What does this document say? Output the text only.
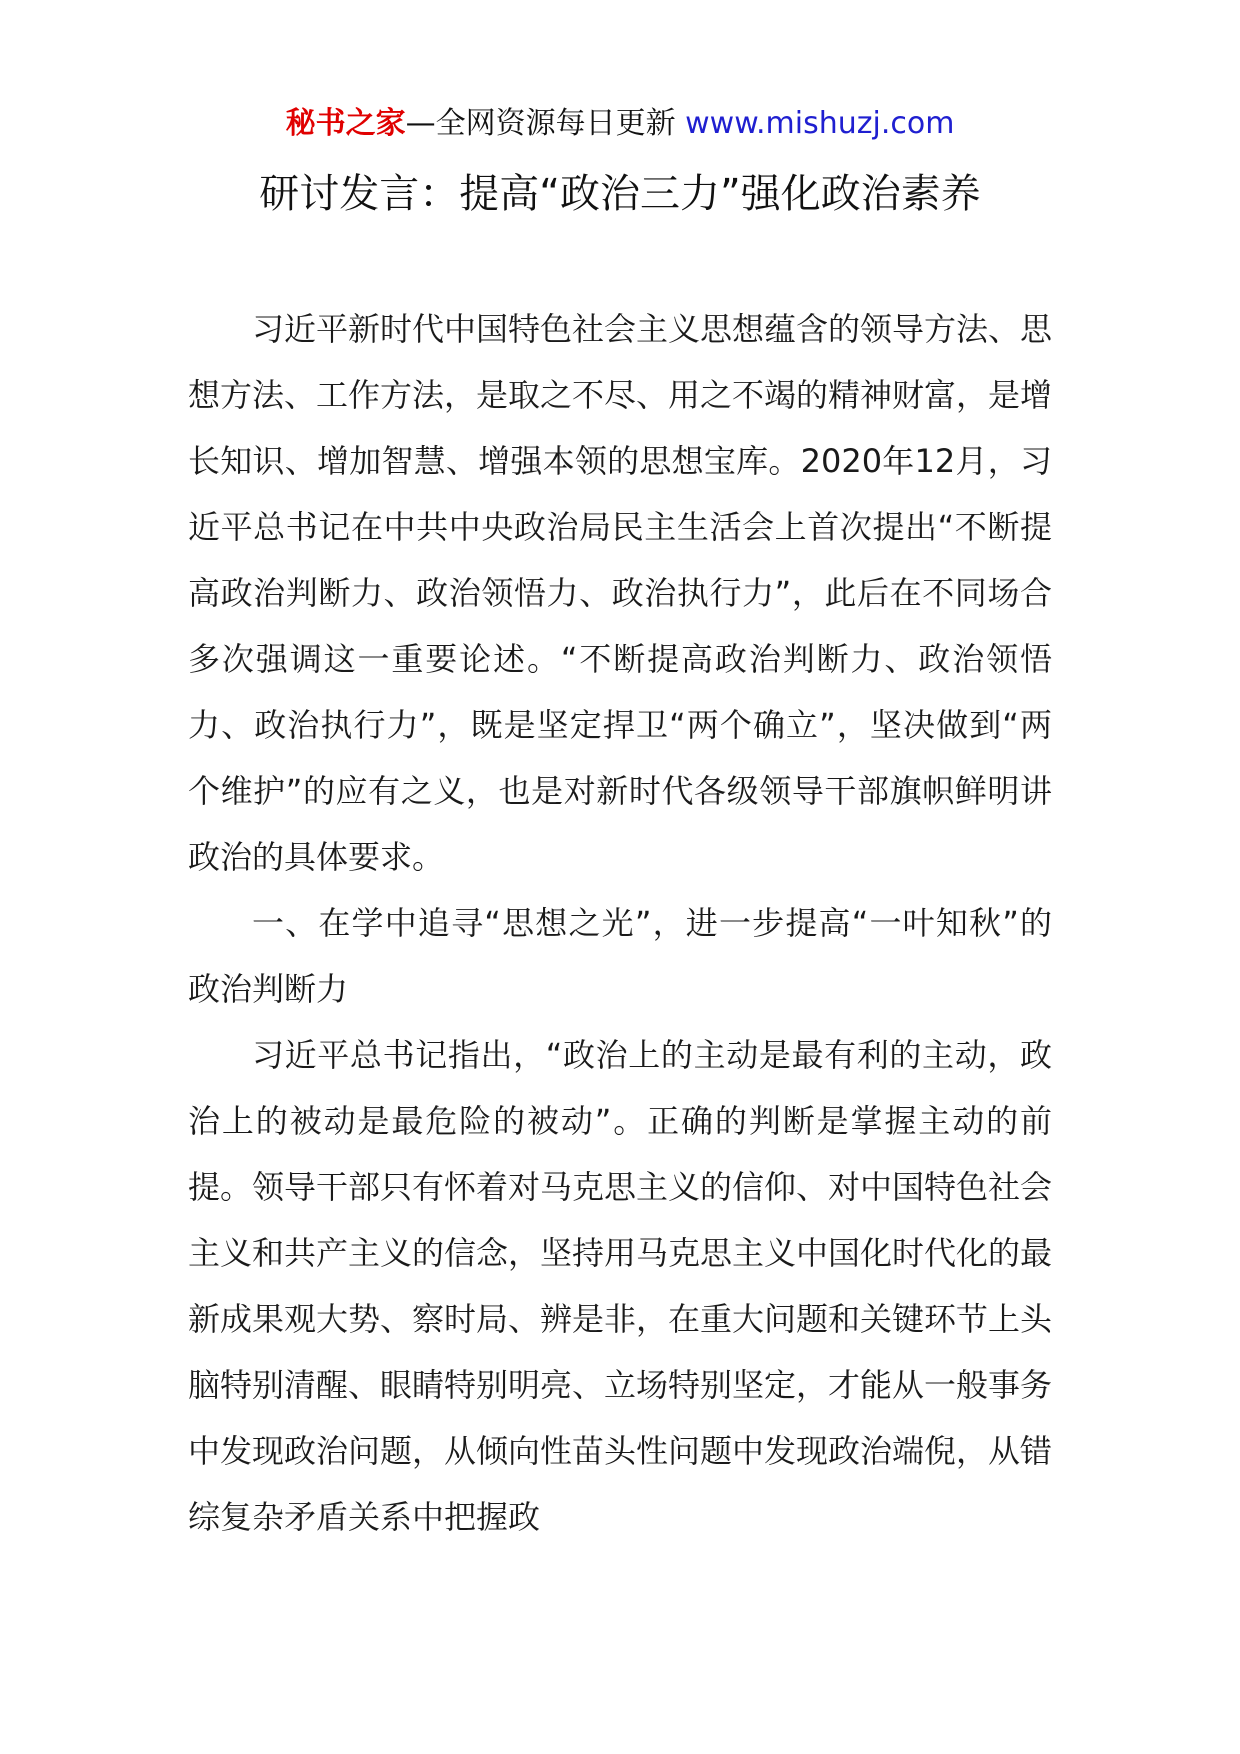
秘书之家—全网资源每日更新 www.mishuzj.com
研讨发言：提高“政治三力”强化政治素养

习近平新时代中国特色社会主义思想蕴含的领导方法、思想方法、工作方法，是取之不尽、用之不竭的精神财富，是增长知识、增加智慧、增强本领的思想宝库。2020年12月，习近平总书记在中共中央政治局民主生活会上首次提出“不断提高政治判断力、政治领悟力、政治执行力”，此后在不同场合多次强调这一重要论述。“不断提高政治判断力、政治领悟力、政治执行力”，既是坚定捍卫“两个确立”，坚决做到“两个维护”的应有之义，也是对新时代各级领导干部旗帜鲜明讲政治的具体要求。

一、在学中追寻“思想之光”，进一步提高“一叶知秋”的政治判断力

习近平总书记指出，“政治上的主动是最有利的主动，政治上的被动是最危险的被动”。正确的判断是掌握主动的前提。领导干部只有怀着对马克思主义的信仰、对中国特色社会主义和共产主义的信念，坚持用马克思主义中国化时代化的最新成果观大势、察时局、辨是非，在重大问题和关键环节上头脑特别清醒、眼睛特别明亮、立场特别坚定，才能从一般事务中发现政治问题，从倾向性苗头性问题中发现政治端倪，从错综复杂矛盾关系中把握政
